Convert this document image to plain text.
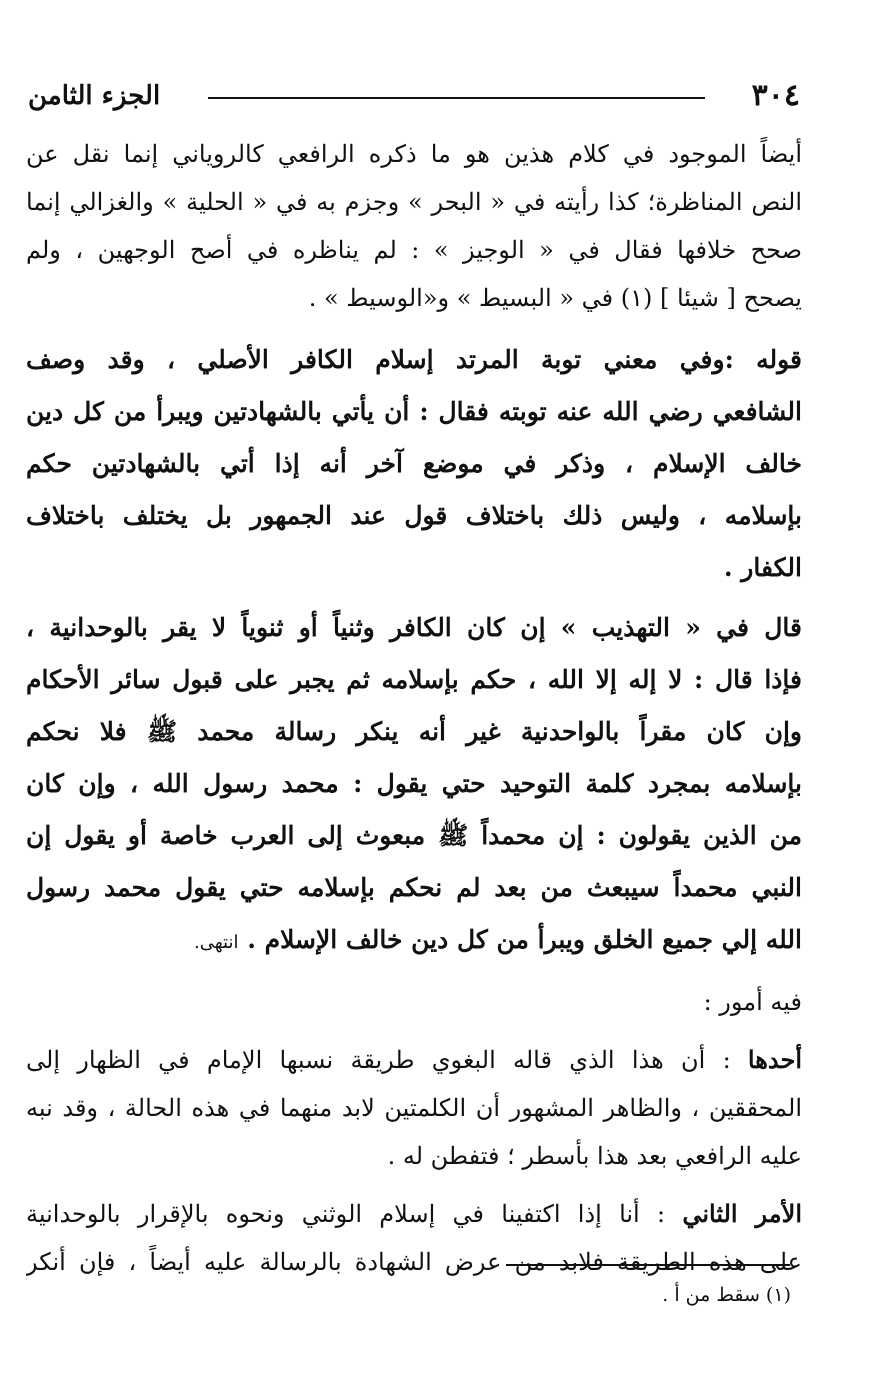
٣٠٤
الجزء الثامن
أيضاً الموجود في كلام هذين هو ما ذكره الرافعي كالروياني إنما نقل عن
النص المناظرة؛ كذا رأيته في « البحر » وجزم به في « الحلية » والغزالي إنما
صحح خلافها فقال في « الوجيز » : لم يناظره في أصح الوجهين ، ولم
يصحح [ شيئا ] (١) في « البسيط » و«الوسيط » .
قوله :وفي معني توبة المرتد إسلام الكافر الأصلي ، وقد وصف
الشافعي رضي الله عنه توبته فقال : أن يأتي بالشهادتين ويبرأ من كل دين
خالف الإسلام ، وذكر في موضع آخر أنه إذا أتي بالشهادتين حكم
بإسلامه ، وليس ذلك باختلاف قول عند الجمهور بل يختلف باختلاف
الكفار .
قال في « التهذيب » إن كان الكافر وثنياً أو ثنوياً لا يقر بالوحدانية ،
فإذا قال : لا إله إلا الله ، حكم بإسلامه ثم يجبر على قبول سائر الأحكام
وإن كان مقراً بالواحدنية غير أنه ينكر رسالة محمد ﷺ فلا نحكم
بإسلامه بمجرد كلمة التوحيد حتي يقول : محمد رسول الله ، وإن كان
من الذين يقولون : إن محمداً ﷺ مبعوث إلى العرب خاصة أو يقول إن
النبي محمداً سيبعث من بعد لم نحكم بإسلامه حتي يقول محمد رسول
الله إلي جميع الخلق ويبرأ من كل دين خالف الإسلام . انتهى.
فيه أمور :
أحدها : أن هذا الذي قاله البغوي طريقة نسبها الإمام في الظهار إلى
المحققين ، والظاهر المشهور أن الكلمتين لابد منهما في هذه الحالة ، وقد نبه
عليه الرافعي بعد هذا بأسطر ؛ فتفطن له .
الأمر الثاني : أنا إذا اكتفينا في إسلام الوثني ونحوه بالإقرار بالوحدانية
على هذه الطريقة فلابد من عرض الشهادة بالرسالة عليه أيضاً ، فإن أنكر
(١) سقط من أ .
